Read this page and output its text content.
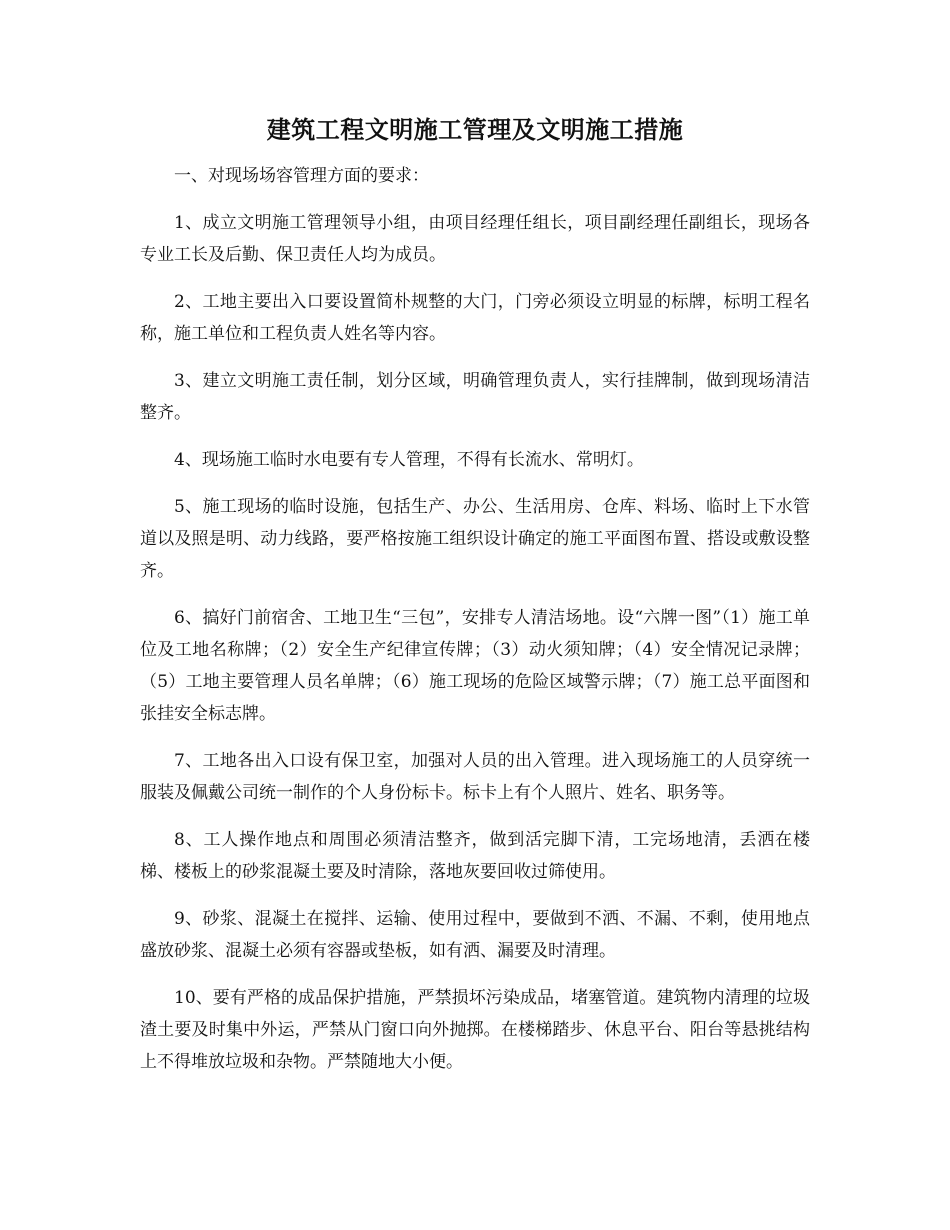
建筑工程文明施工管理及文明施工措施

一、对现场场容管理方面的要求：

1、成立文明施工管理领导小组，由项目经理任组长，项目副经理任副组长，现场各专业工长及后勤、保卫责任人均为成员。

2、工地主要出入口要设置简朴规整的大门，门旁必须设立明显的标牌，标明工程名称，施工单位和工程负责人姓名等内容。

3、建立文明施工责任制，划分区域，明确管理负责人，实行挂牌制，做到现场清洁整齐。

4、现场施工临时水电要有专人管理，不得有长流水、常明灯。

5、施工现场的临时设施，包括生产、办公、生活用房、仓库、料场、临时上下水管道以及照是明、动力线路，要严格按施工组织设计确定的施工平面图布置、搭设或敷设整齐。

6、搞好门前宿舍、工地卫生“三包”，安排专人清洁场地。设“六牌一图”（1）施工单位及工地名称牌；（2）安全生产纪律宣传牌；（3）动火须知牌；（4）安全情况记录牌；（5）工地主要管理人员名单牌；（6）施工现场的危险区域警示牌；（7）施工总平面图和张挂安全标志牌。

7、工地各出入口设有保卫室，加强对人员的出入管理。进入现场施工的人员穿统一服装及佩戴公司统一制作的个人身份标卡。标卡上有个人照片、姓名、职务等。

8、工人操作地点和周围必须清洁整齐，做到活完脚下清，工完场地清，丢洒在楼梯、楼板上的砂浆混凝土要及时清除，落地灰要回收过筛使用。

9、砂浆、混凝土在搅拌、运输、使用过程中，要做到不洒、不漏、不剩，使用地点盛放砂浆、混凝土必须有容器或垫板，如有洒、漏要及时清理。

10、要有严格的成品保护措施，严禁损坏污染成品，堵塞管道。建筑物内清理的垃圾渣土要及时集中外运，严禁从门窗口向外抛掷。在楼梯踏步、休息平台、阳台等悬挑结构上不得堆放垃圾和杂物。严禁随地大小便。
